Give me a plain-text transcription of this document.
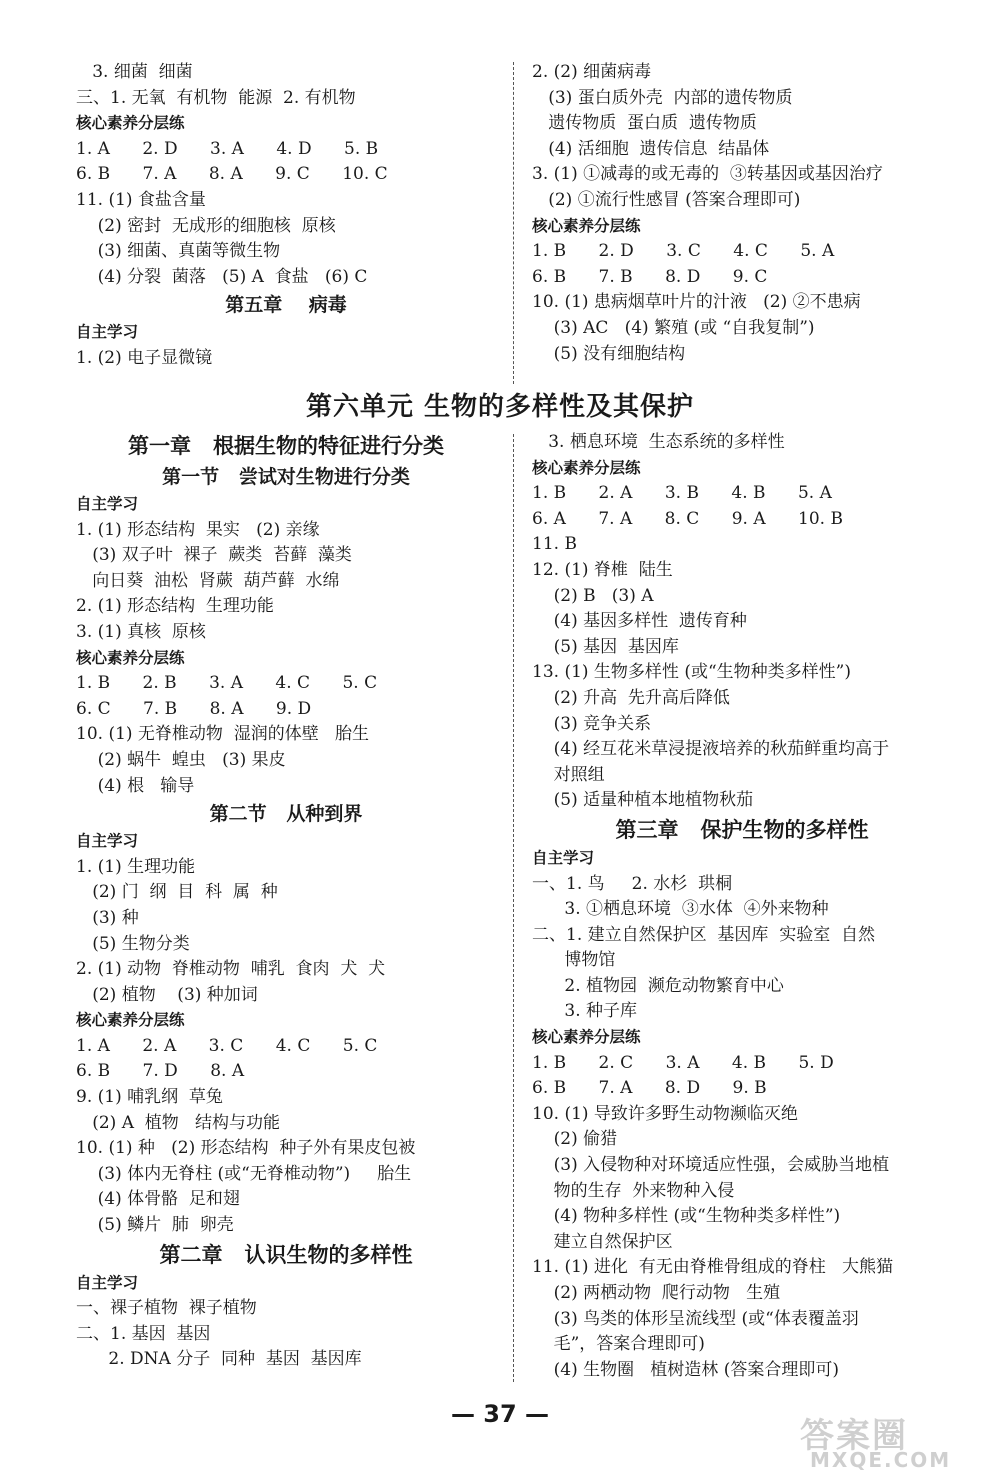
3. 细菌  细菌
三、1. 无氧  有机物  能源  2. 有机物
核心素养分层练
1. A      2. D      3. A      4. D      5. B
6. B      7. A      8. A      9. C      10. C
11. (1) 食盐含量
(2) 密封  无成形的细胞核  原核
(3) 细菌、真菌等微生物
(4) 分裂  菌落   (5) A  食盐   (6) C
第五章    病毒
自主学习
1. (2) 电子显微镜
2. (2) 细菌病毒
(3) 蛋白质外壳  内部的遗传物质
遗传物质  蛋白质  遗传物质
(4) 活细胞  遗传信息  结晶体
3. (1) ①减毒的或无毒的  ③转基因或基因治疗
(2) ①流行性感冒 (答案合理即可)
核心素养分层练
1. B      2. D      3. C      4. C      5. A
6. B      7. B      8. D      9. C
10. (1) 患病烟草叶片的汁液   (2) ②不患病
(3) AC   (4) 繁殖 (或 “自我复制”)
(5) 没有细胞结构
第六单元 生物的多样性及其保护
第一章   根据生物的特征进行分类
第一节   尝试对生物进行分类
自主学习
1. (1) 形态结构  果实   (2) 亲缘
(3) 双子叶  裸子  蕨类  苔藓  藻类
向日葵  油松  肾蕨  葫芦藓  水绵
2. (1) 形态结构  生理功能
3. (1) 真核  原核
核心素养分层练
1. B      2. B      3. A      4. C      5. C
6. C      7. B      8. A      9. D
10. (1) 无脊椎动物  湿润的体壁   胎生
(2) 蜗牛  蝗虫   (3) 果皮
(4) 根   输导
第二节   从种到界
自主学习
1. (1) 生理功能
(2) 门  纲  目  科  属  种
(3) 种
(5) 生物分类
2. (1) 动物  脊椎动物  哺乳  食肉  犬  犬
(2) 植物    (3) 种加词
核心素养分层练
1. A      2. A      3. C      4. C      5. C
6. B      7. D      8. A
9. (1) 哺乳纲  草兔
(2) A  植物   结构与功能
10. (1) 种   (2) 形态结构  种子外有果皮包被
(3) 体内无脊柱 (或“无脊椎动物”)     胎生
(4) 体骨骼  足和翅
(5) 鳞片  肺  卵壳
第二章   认识生物的多样性
自主学习
一、裸子植物  裸子植物
二、1. 基因  基因
2. DNA 分子  同种  基因  基因库
3. 栖息环境  生态系统的多样性
核心素养分层练
1. B      2. A      3. B      4. B      5. A
6. A      7. A      8. C      9. A      10. B
11. B
12. (1) 脊椎  陆生
(2) B   (3) A
(4) 基因多样性  遗传育种
(5) 基因  基因库
13. (1) 生物多样性 (或“生物种类多样性”)
(2) 升高  先升高后降低
(3) 竞争关系
(4) 经互花米草浸提液培养的秋茄鲜重均高于
对照组
(5) 适量种植本地植物秋茄
第三章   保护生物的多样性
自主学习
一、1. 鸟     2. 水杉  珙桐
3. ①栖息环境  ③水体  ④外来物种
二、1. 建立自然保护区  基因库  实验室  自然
博物馆
2. 植物园  濒危动物繁育中心
3. 种子库
核心素养分层练
1. B      2. C      3. A      4. B      5. D
6. B      7. A      8. D      9. B
10. (1) 导致许多野生动物濒临灭绝
(2) 偷猎
(3) 入侵物种对环境适应性强，会威胁当地植
物的生存  外来物种入侵
(4) 物种多样性 (或“生物种类多样性”)
建立自然保护区
11. (1) 进化  有无由脊椎骨组成的脊柱   大熊猫
(2) 两栖动物  爬行动物   生殖
(3) 鸟类的体形呈流线型 (或“体表覆盖羽
毛”，答案合理即可)
(4) 生物圈   植树造林 (答案合理即可)
— 37 —
答案圈
MXQE.COM
